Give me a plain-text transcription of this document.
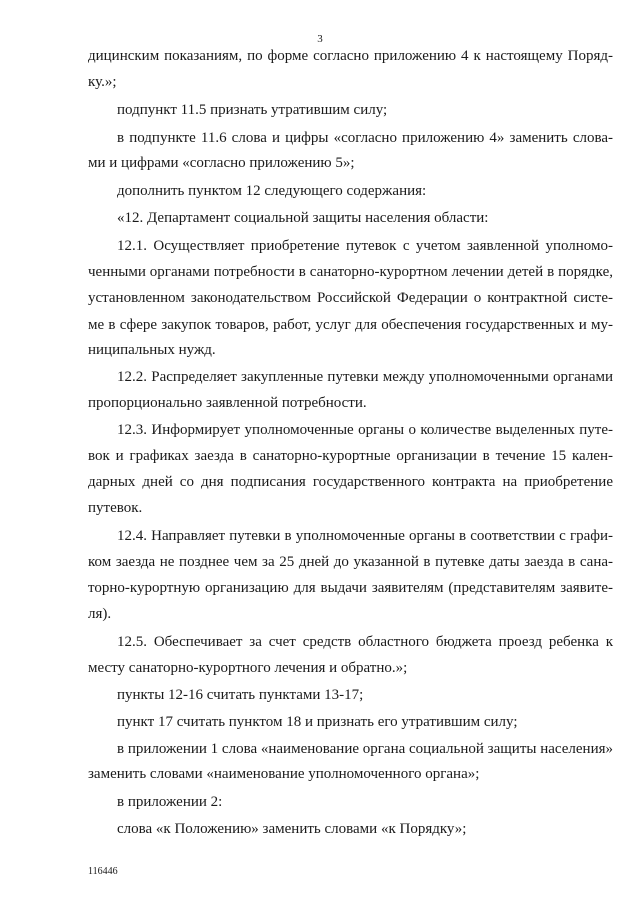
3
дицинским показаниям, по форме согласно приложению 4 к настоящему Поряд-
ку.»;
подпункт 11.5 признать утратившим силу;
в подпункте 11.6 слова и цифры «согласно приложению 4» заменить слова-
ми и цифрами «согласно приложению 5»;
дополнить пунктом 12 следующего содержания:
«12. Департамент социальной защиты населения области:
12.1. Осуществляет приобретение путевок с учетом заявленной уполномо-
ченными органами потребности в санаторно-курортном лечении детей в порядке,
установленном законодательством Российской Федерации о контрактной систе-
ме в сфере закупок товаров, работ, услуг для обеспечения государственных и му-
ниципальных нужд.
12.2. Распределяет закупленные путевки между уполномоченными органами
пропорционально заявленной потребности.
12.3. Информирует уполномоченные органы о количестве выделенных путе-
вок и графиках заезда в санаторно-курортные организации в течение 15 кален-
дарных дней со дня подписания государственного контракта на приобретение
путевок.
12.4. Направляет путевки в уполномоченные органы в соответствии с графи-
ком заезда не позднее чем за 25 дней до указанной в путевке даты заезда в сана-
торно-курортную организацию для выдачи заявителям (представителям заявите-
ля).
12.5. Обеспечивает за счет средств областного бюджета проезд ребенка к
месту санаторно-курортного лечения и обратно.»;
пункты 12-16 считать пунктами 13-17;
пункт 17 считать пунктом 18 и признать его утратившим силу;
в приложении 1 слова «наименование органа социальной защиты населения»
заменить словами «наименование уполномоченного органа»;
в приложении 2:
слова «к Положению» заменить словами «к Порядку»;
116446
